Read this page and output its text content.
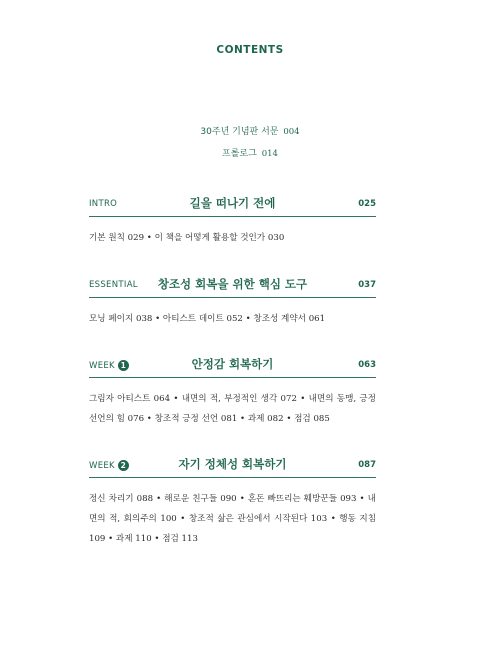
CONTENTS
30주년 기념판 서문 004
프롤로그 014
INTRO	길을 떠나기 전에	025
기본 원칙 029 • 이 책을 어떻게 활용할 것인가 030
ESSENTIAL	창조성 회복을 위한 핵심 도구	037
모닝 페이지 038 • 아티스트 데이트 052 • 창조성 계약서 061
WEEK 1	안정감 회복하기	063
그림자 아티스트 064 • 내면의 적, 부정적인 생각 072 • 내면의 동맹, 긍정 선언의 힘 076 • 창조적 긍정 선언 081 • 과제 082 • 점검 085
WEEK 2	자기 정체성 회복하기	087
정신 차리기 088 • 해로운 친구들 090 • 혼돈 빠뜨리는 훼방꾼들 093 • 내면의 적, 회의주의 100 • 창조적 삶은 관심에서 시작된다 103 • 행동 지침 109 • 과제 110 • 점검 113
